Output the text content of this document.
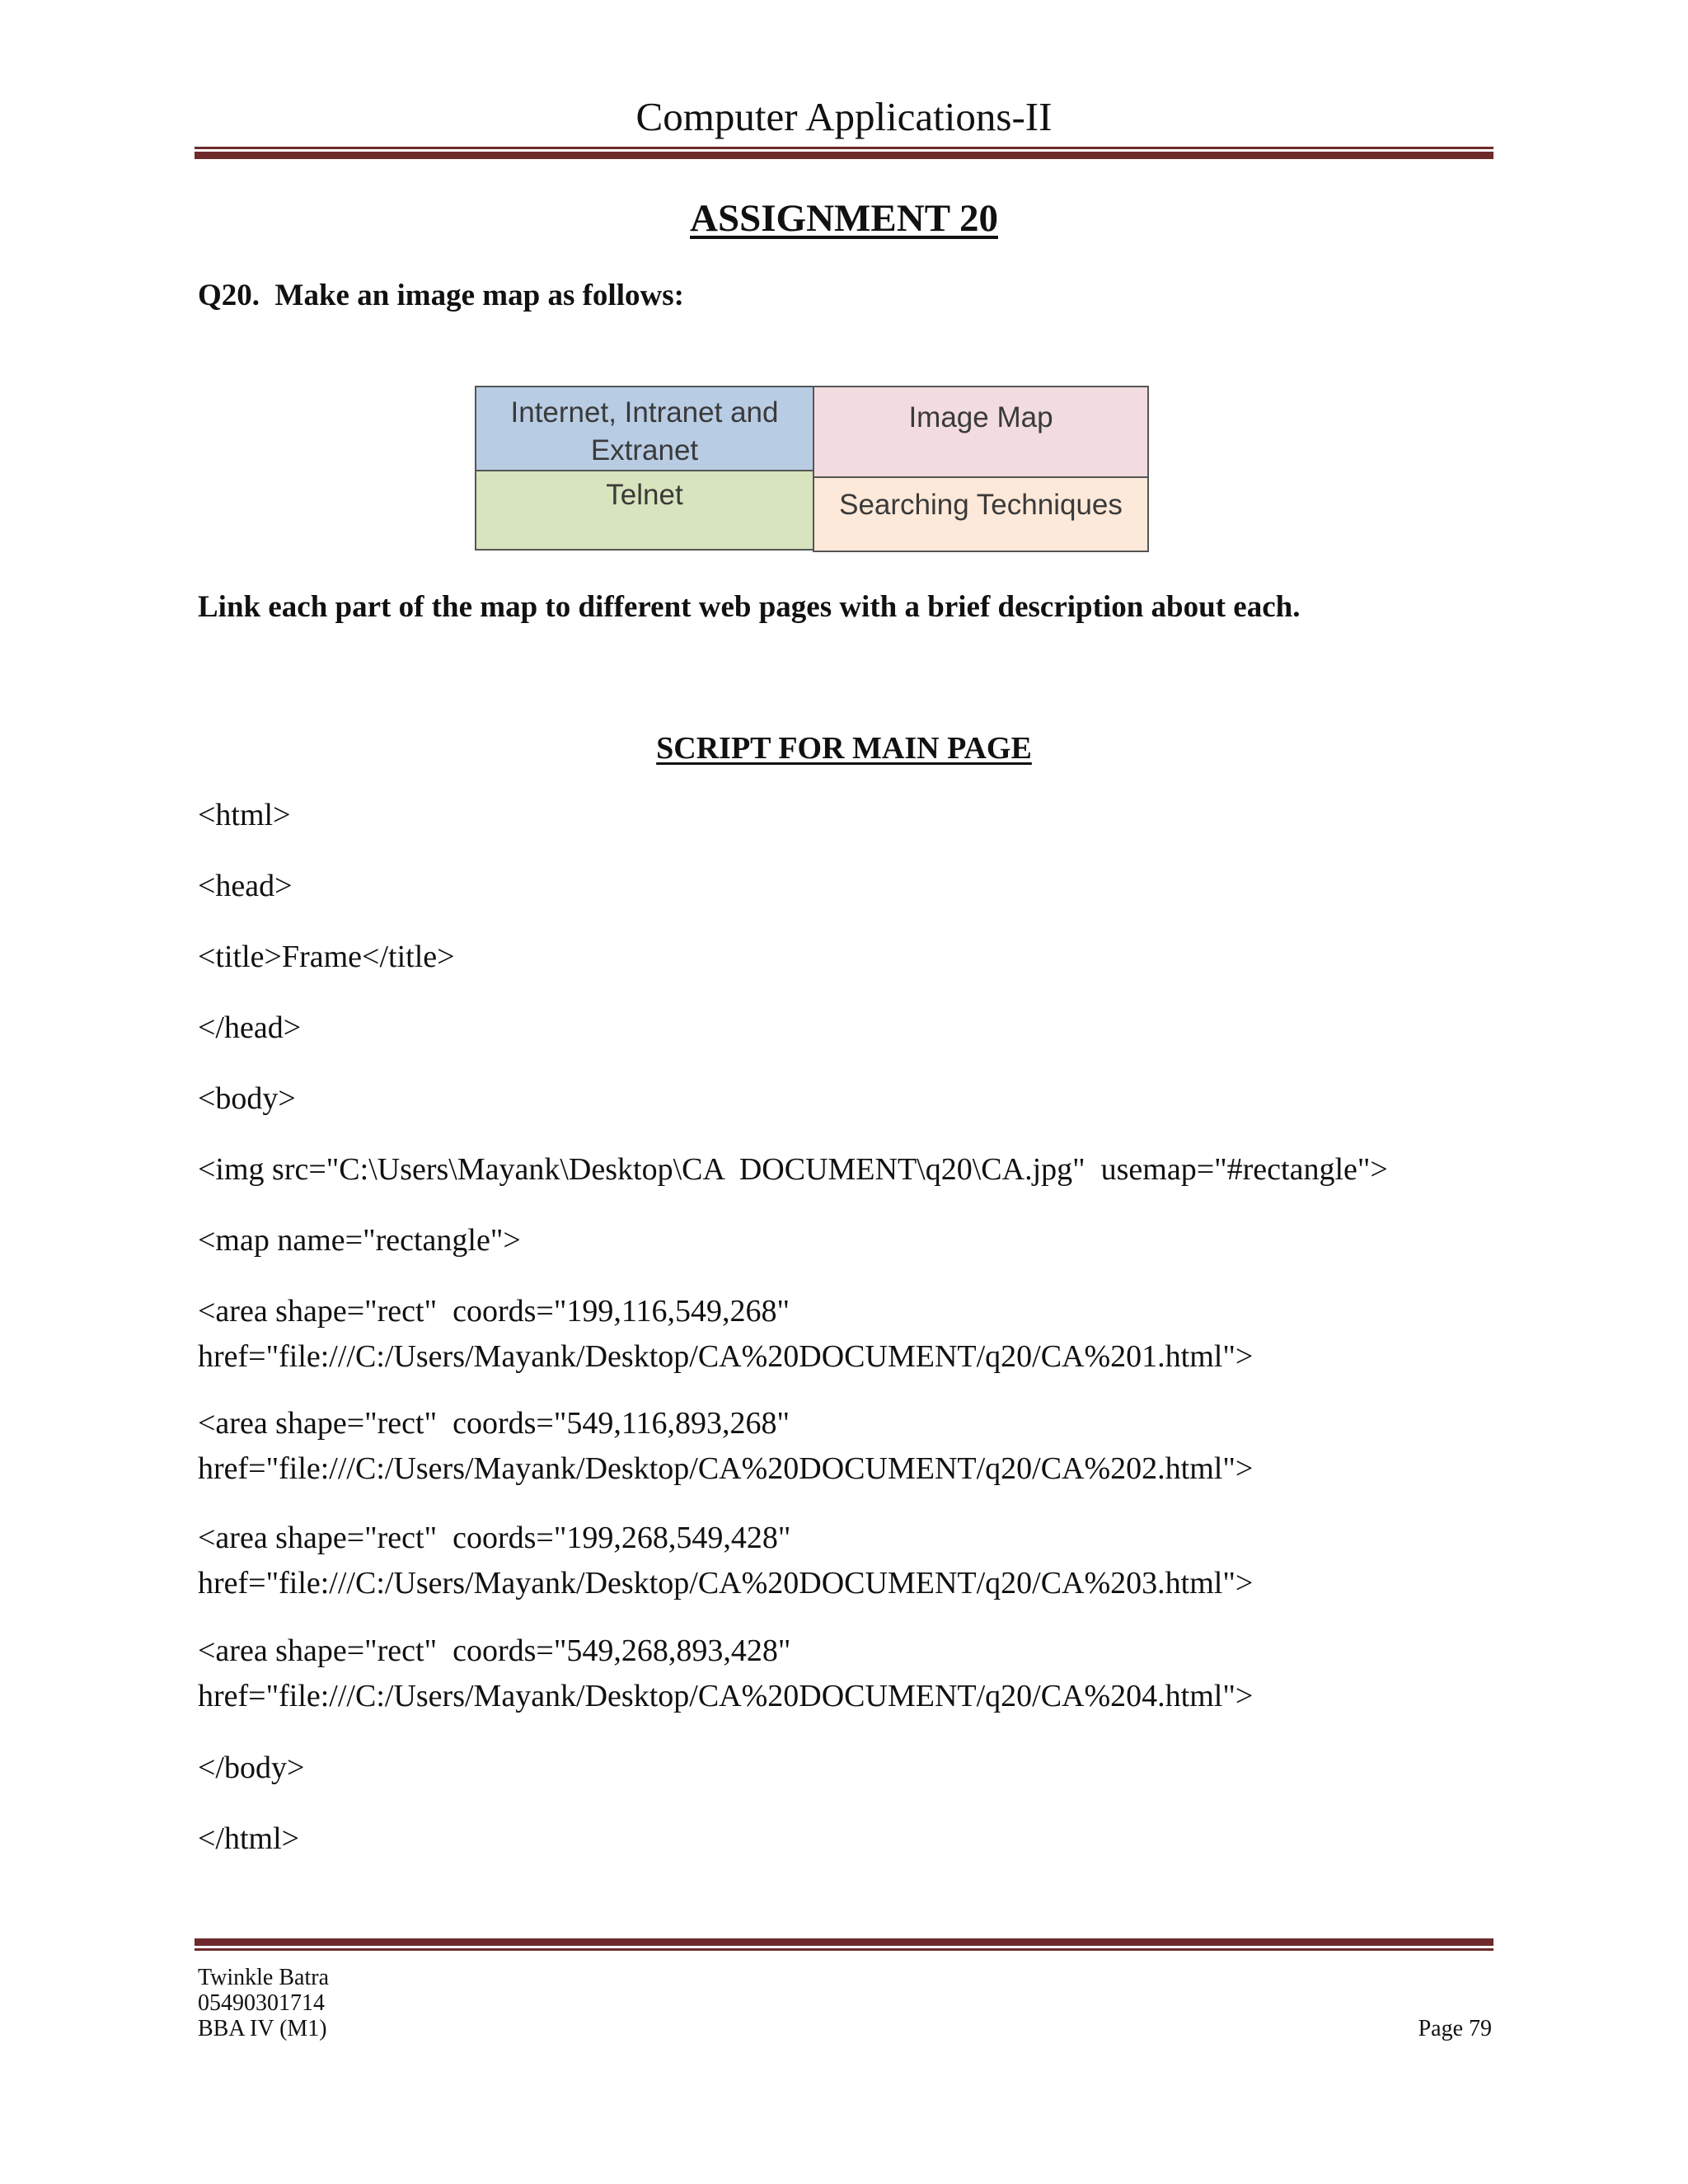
Computer Applications-II
ASSIGNMENT 20
Q20.  Make an image map as follows:
Internet, Intranet and
Extranet
Image Map
Telnet	Searching Techniques
Link each part of the map to different web pages with a brief description about each.
SCRIPT FOR MAIN PAGE
<html>
<head>
<title>Frame</title>
</head>
<body>
<img src="C:\Users\Mayank\Desktop\CA  DOCUMENT\q20\CA.jpg"  usemap="#rectangle">
<map name="rectangle">
<area shape="rect"  coords="199,116,549,268"
href="file:///C:/Users/Mayank/Desktop/CA%20DOCUMENT/q20/CA%201.html">
<area shape="rect"  coords="549,116,893,268"
href="file:///C:/Users/Mayank/Desktop/CA%20DOCUMENT/q20/CA%202.html">
<area shape="rect"  coords="199,268,549,428"
href="file:///C:/Users/Mayank/Desktop/CA%20DOCUMENT/q20/CA%203.html">
<area shape="rect"  coords="549,268,893,428"
href="file:///C:/Users/Mayank/Desktop/CA%20DOCUMENT/q20/CA%204.html">
</body>
</html>
Twinkle Batra
05490301714
BBA IV (M1)	Page 79
